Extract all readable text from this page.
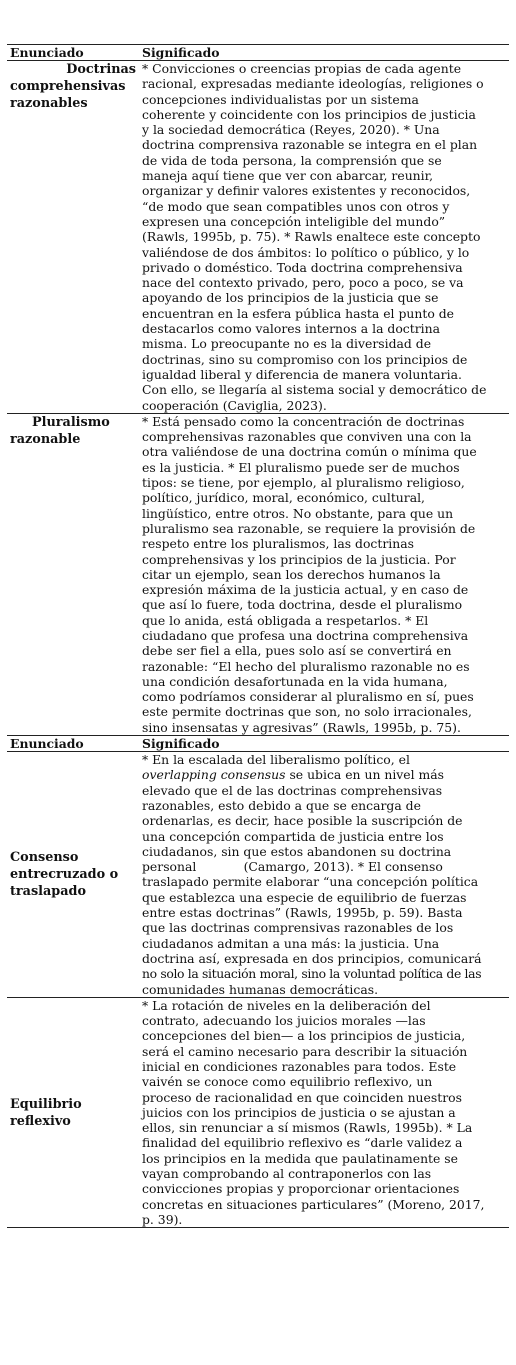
Enunciado	Significado
Doctrinas
comprehensivas
razonables
* Convicciones o creencias propias de cada agente
racional, expresadas mediante ideologías, religiones o
concepciones individualistas por un sistema
coherente y coincidente con los principios de justicia
y la sociedad democrática (Reyes, 2020). * Una
doctrina comprensiva razonable se integra en el plan
de vida de toda persona, la comprensión que se
maneja aquí tiene que ver con abarcar, reunir,
organizar y definir valores existentes y reconocidos,
“de modo que sean compatibles unos con otros y
expresen una concepción inteligible del mundo”
(Rawls, 1995b, p. 75). * Rawls enaltece este concepto
valiéndose de dos ámbitos: lo político o público, y lo
privado o doméstico. Toda doctrina comprehensiva
nace del contexto privado, pero, poco a poco, se va
apoyando de los principios de la justicia que se
encuentran en la esfera pública hasta el punto de
destacarlos como valores internos a la doctrina
misma. Lo preocupante no es la diversidad de
doctrinas, sino su compromiso con los principios de
igualdad liberal y diferencia de manera voluntaria.
Con ello, se llegaría al sistema social y democrático de
cooperación (Caviglia, 2023).
Pluralismo
razonable
* Está pensado como la concentración de doctrinas
comprehensivas razonables que conviven una con la
otra valiéndose de una doctrina común o mínima que
es la justicia. * El pluralismo puede ser de muchos
tipos: se tiene, por ejemplo, al pluralismo religioso,
político, jurídico, moral, económico, cultural,
lingüístico, entre otros. No obstante, para que un
pluralismo sea razonable, se requiere la provisión de
respeto entre los pluralismos, las doctrinas
comprehensivas y los principios de la justicia. Por
citar un ejemplo, sean los derechos humanos la
expresión máxima de la justicia actual, y en caso de
que así lo fuere, toda doctrina, desde el pluralismo
que lo anida, está obligada a respetarlos. * El
ciudadano que profesa una doctrina comprehensiva
debe ser fiel a ella, pues solo así se convertirá en
razonable: “El hecho del pluralismo razonable no es
una condición desafortunada en la vida humana,
como podríamos considerar al pluralismo en sí, pues
este permite doctrinas que son, no solo irracionales,
sino insensatas y agresivas” (Rawls, 1995b, p. 75).
Enunciado	Significado
Consenso
entrecruzado o
traslapado
* En la escalada del liberalismo político, el
overlapping consensus se ubica en un nivel más
elevado que el de las doctrinas comprehensivas
razonables, esto debido a que se encarga de
ordenarlas, es decir, hace posible la suscripción de
una concepción compartida de justicia entre los
ciudadanos, sin que estos abandonen su doctrina
personal            (Camargo, 2013). * El consenso
traslapado permite elaborar “una concepción política
que establezca una especie de equilibrio de fuerzas
entre estas doctrinas” (Rawls, 1995b, p. 59). Basta
que las doctrinas comprensivas razonables de los
ciudadanos admitan a una más: la justicia. Una
doctrina así, expresada en dos principios, comunicará
no solo la situación moral, sino la voluntad política de las
comunidades humanas democráticas.
Equilibrio
reflexivo
* La rotación de niveles en la deliberación del
contrato, adecuando los juicios morales —las
concepciones del bien— a los principios de justicia,
será el camino necesario para describir la situación
inicial en condiciones razonables para todos. Este
vaivén se conoce como equilibrio reflexivo, un
proceso de racionalidad en que coinciden nuestros
juicios con los principios de justicia o se ajustan a
ellos, sin renunciar a sí mismos (Rawls, 1995b). * La
finalidad del equilibrio reflexivo es “darle validez a
los principios en la medida que paulatinamente se
vayan comprobando al contraponerlos con las
convicciones propias y proporcionar orientaciones
concretas en situaciones particulares” (Moreno, 2017,
p. 39).
